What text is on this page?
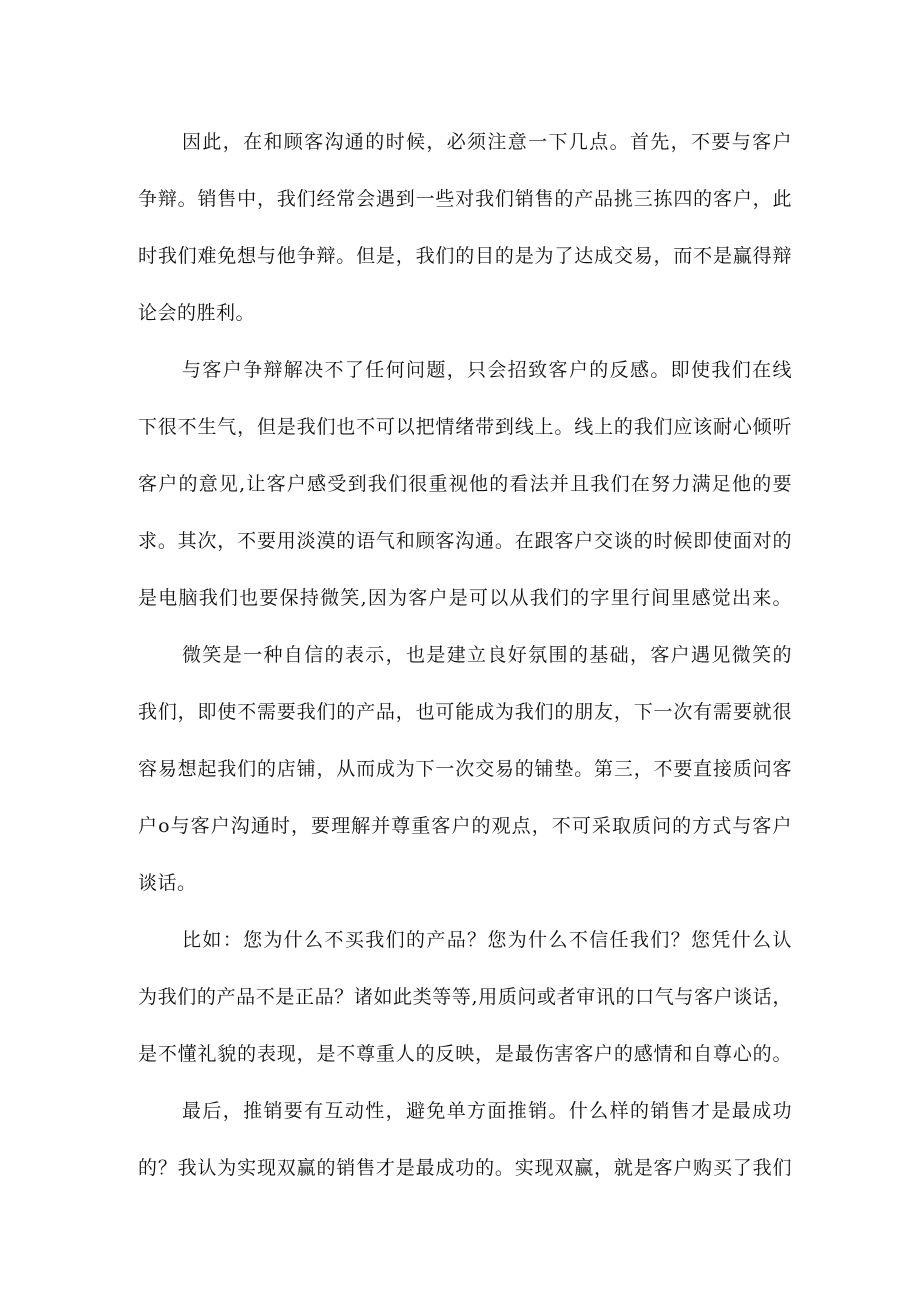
因此，在和顾客沟通的时候，必须注意一下几点。首先，不要与客户

争辩。销售中，我们经常会遇到一些对我们销售的产品挑三拣四的客户，此

时我们难免想与他争辩。但是，我们的目的是为了达成交易，而不是赢得辩

论会的胜利。

与客户争辩解决不了任何问题，只会招致客户的反感。即使我们在线

下很不生气，但是我们也不可以把情绪带到线上。线上的我们应该耐心倾听

客户的意见,让客户感受到我们很重视他的看法并且我们在努力满足他的要

求。其次，不要用淡漠的语气和顾客沟通。在跟客户交谈的时候即使面对的

是电脑我们也要保持微笑,因为客户是可以从我们的字里行间里感觉出来。

微笑是一种自信的表示，也是建立良好氛围的基础，客户遇见微笑的

我们，即使不需要我们的产品，也可能成为我们的朋友，下一次有需要就很

容易想起我们的店铺，从而成为下一次交易的铺垫。第三，不要直接质问客

户o与客户沟通时，要理解并尊重客户的观点，不可采取质问的方式与客户

谈话。

比如：您为什么不买我们的产品？您为什么不信任我们？您凭什么认

为我们的产品不是正品？诸如此类等等,用质问或者审讯的口气与客户谈话，

是不懂礼貌的表现，是不尊重人的反映，是最伤害客户的感情和自尊心的。

最后，推销要有互动性，避免单方面推销。什么样的销售才是最成功

的？我认为实现双赢的销售才是最成功的。实现双赢，就是客户购买了我们
